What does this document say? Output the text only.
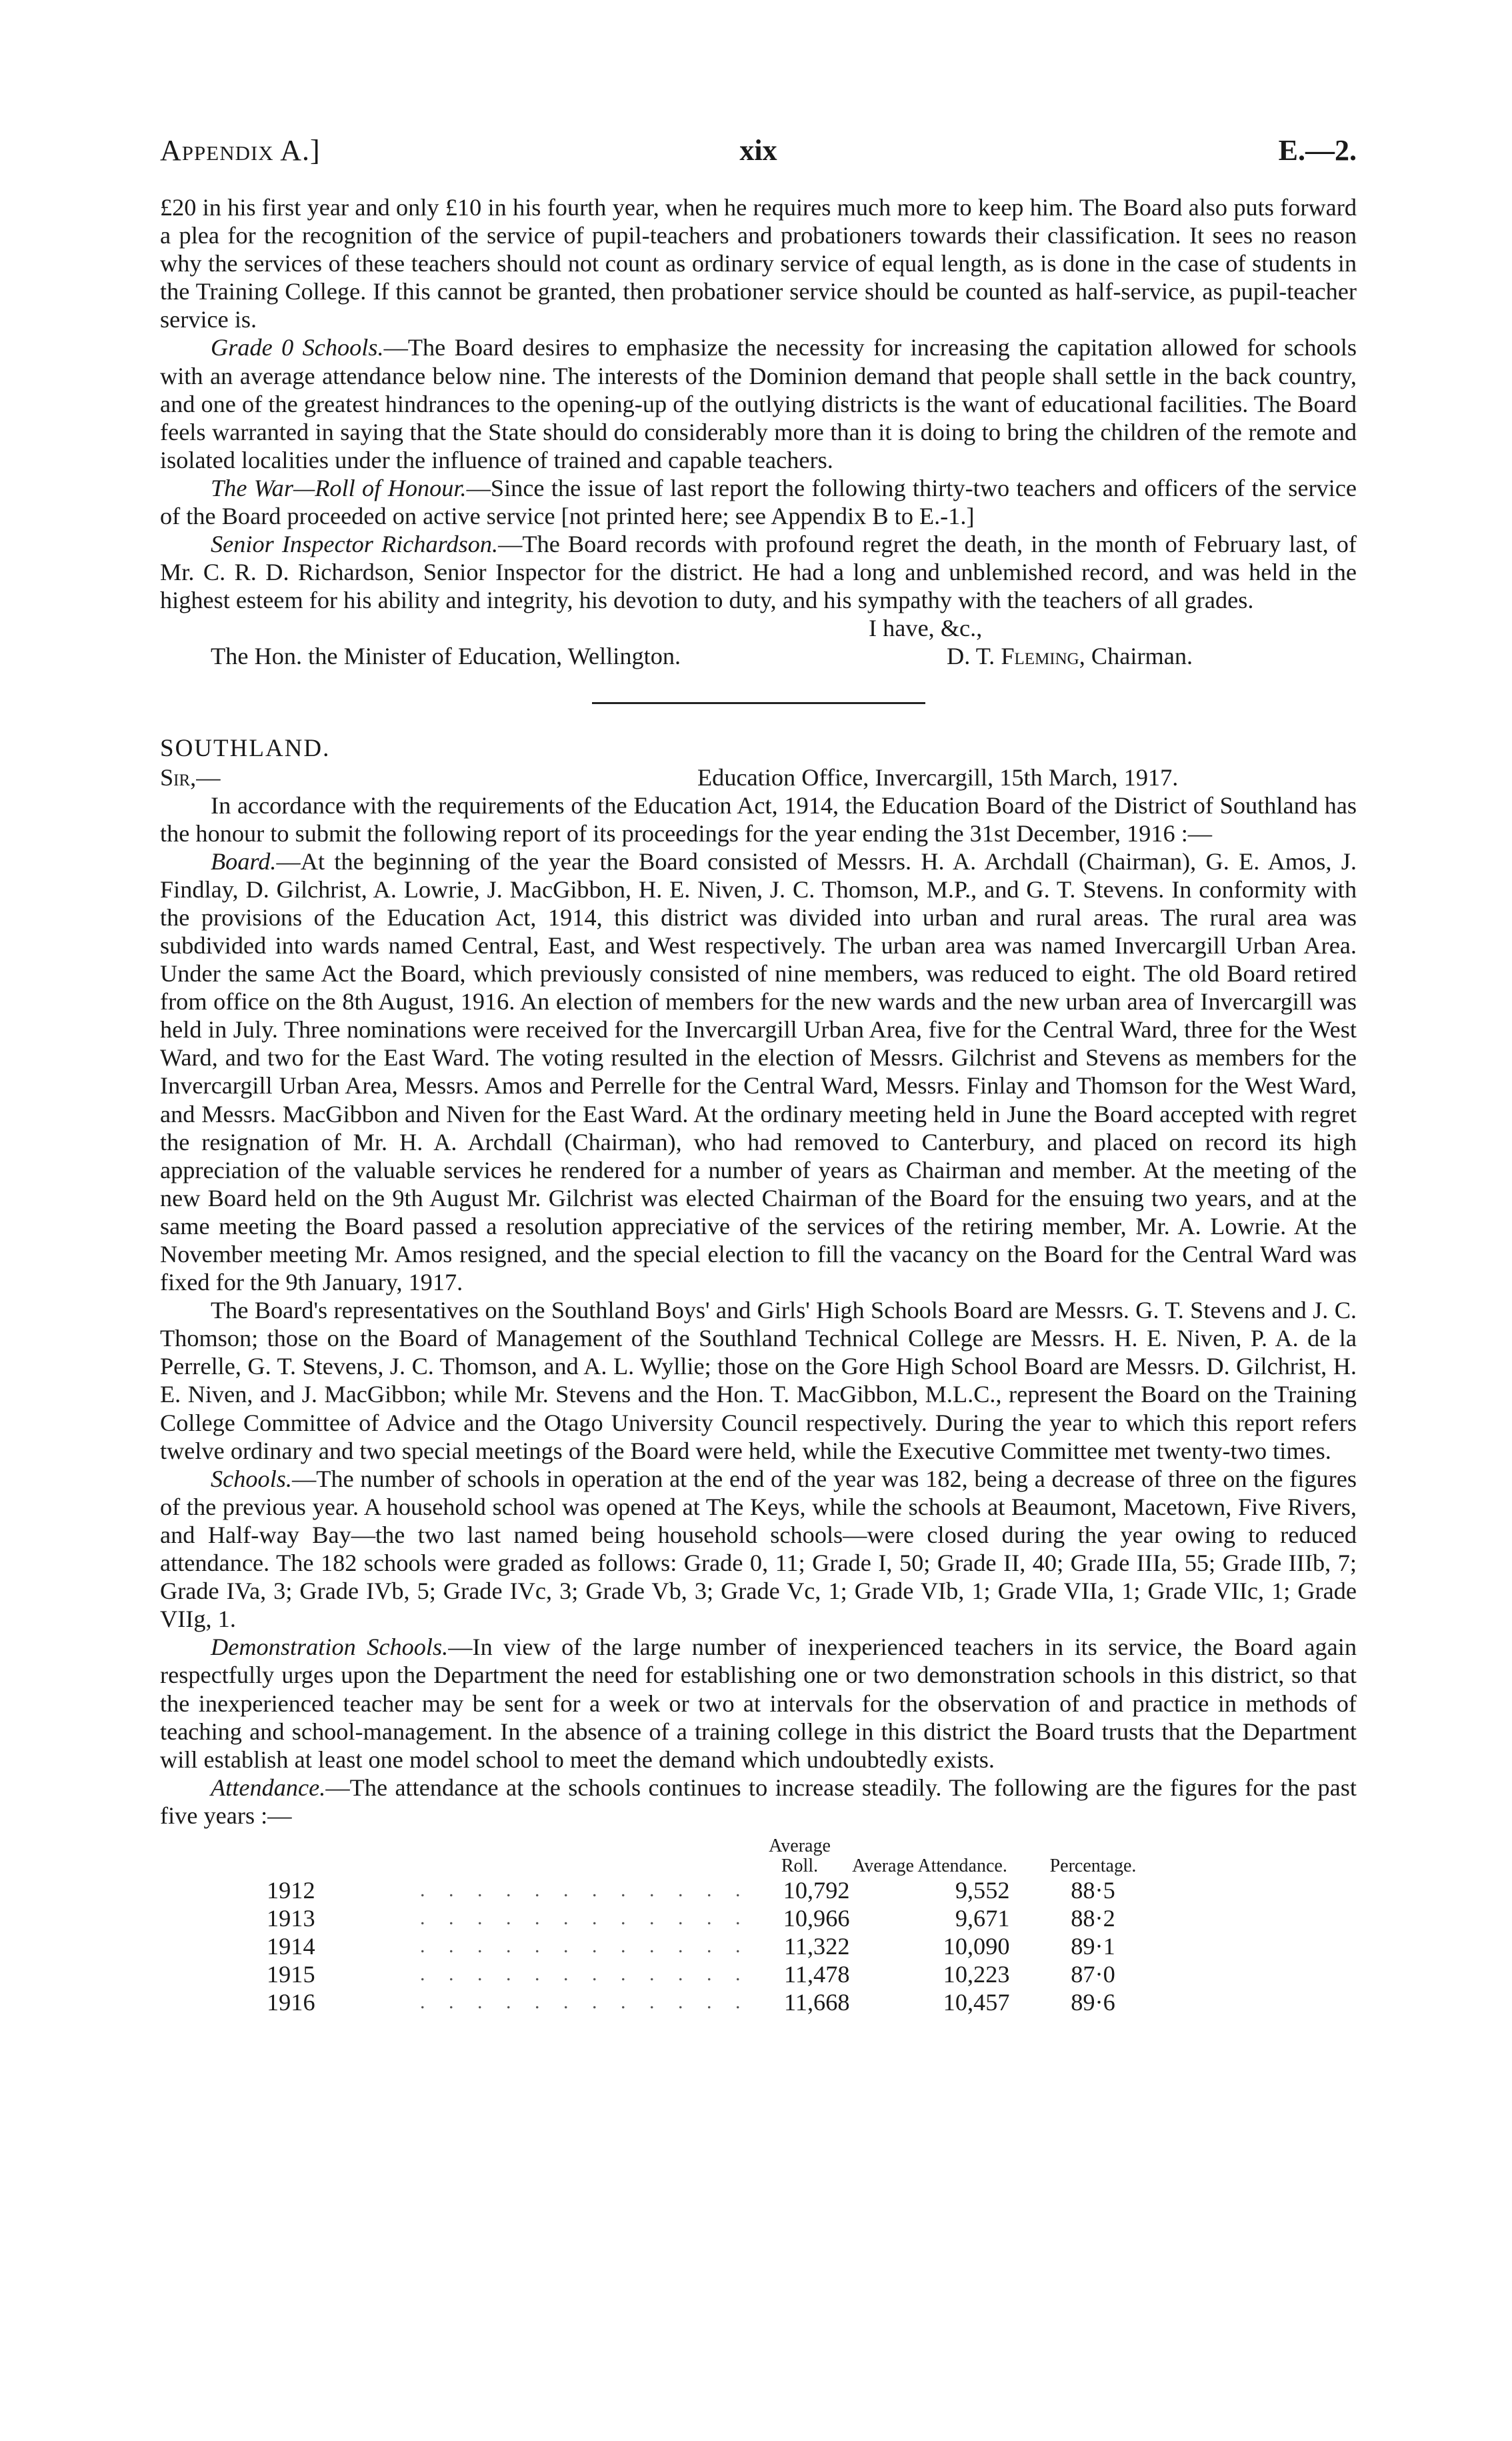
Appendix A.]	xix	E.—2.

£20 in his first year and only £10 in his fourth year, when he requires much more to keep him. The Board also puts forward a plea for the recognition of the service of pupil-teachers and probationers towards their classification. It sees no reason why the services of these teachers should not count as ordinary service of equal length, as is done in the case of students in the Training College. If this cannot be granted, then probationer service should be counted as half-service, as pupil-teacher service is.

Grade 0 Schools.—The Board desires to emphasize the necessity for increasing the capitation allowed for schools with an average attendance below nine. The interests of the Dominion demand that people shall settle in the back country, and one of the greatest hindrances to the opening-up of the outlying districts is the want of educational facilities. The Board feels warranted in saying that the State should do considerably more than it is doing to bring the children of the remote and isolated localities under the influence of trained and capable teachers.

The War—Roll of Honour.—Since the issue of last report the following thirty-two teachers and officers of the service of the Board proceeded on active service [not printed here; see Appendix B to E.-1.]

Senior Inspector Richardson.—The Board records with profound regret the death, in the month of February last, of Mr. C. R. D. Richardson, Senior Inspector for the district. He had a long and unblemished record, and was held in the highest esteem for his ability and integrity, his devotion to duty, and his sympathy with the teachers of all grades.

I have, &c.,
The Hon. the Minister of Education, Wellington.	D. T. Fleming, Chairman.

SOUTHLAND.

Sir,—	Education Office, Invercargill, 15th March, 1917.

In accordance with the requirements of the Education Act, 1914, the Education Board of the District of Southland has the honour to submit the following report of its proceedings for the year ending the 31st December, 1916 :—

Board.—At the beginning of the year the Board consisted of Messrs. H. A. Archdall (Chairman), G. E. Amos, J. Findlay, D. Gilchrist, A. Lowrie, J. MacGibbon, H. E. Niven, J. C. Thomson, M.P., and G. T. Stevens. In conformity with the provisions of the Education Act, 1914, this district was divided into urban and rural areas. The rural area was subdivided into wards named Central, East, and West respectively. The urban area was named Invercargill Urban Area. Under the same Act the Board, which previously consisted of nine members, was reduced to eight. The old Board retired from office on the 8th August, 1916. An election of members for the new wards and the new urban area of Invercargill was held in July. Three nominations were received for the Invercargill Urban Area, five for the Central Ward, three for the West Ward, and two for the East Ward. The voting resulted in the election of Messrs. Gilchrist and Stevens as members for the Invercargill Urban Area, Messrs. Amos and Perrelle for the Central Ward, Messrs. Finlay and Thomson for the West Ward, and Messrs. MacGibbon and Niven for the East Ward. At the ordinary meeting held in June the Board accepted with regret the resignation of Mr. H. A. Archdall (Chairman), who had removed to Canterbury, and placed on record its high appreciation of the valuable services he rendered for a number of years as Chairman and member. At the meeting of the new Board held on the 9th August Mr. Gilchrist was elected Chairman of the Board for the ensuing two years, and at the same meeting the Board passed a resolution appreciative of the services of the retiring member, Mr. A. Lowrie. At the November meeting Mr. Amos resigned, and the special election to fill the vacancy on the Board for the Central Ward was fixed for the 9th January, 1917.

The Board's representatives on the Southland Boys' and Girls' High Schools Board are Messrs. G. T. Stevens and J. C. Thomson; those on the Board of Management of the Southland Technical College are Messrs. H. E. Niven, P. A. de la Perrelle, G. T. Stevens, J. C. Thomson, and A. L. Wyllie; those on the Gore High School Board are Messrs. D. Gilchrist, H. E. Niven, and J. MacGibbon; while Mr. Stevens and the Hon. T. MacGibbon, M.L.C., represent the Board on the Training College Committee of Advice and the Otago University Council respectively. During the year to which this report refers twelve ordinary and two special meetings of the Board were held, while the Executive Committee met twenty-two times.

Schools.—The number of schools in operation at the end of the year was 182, being a decrease of three on the figures of the previous year. A household school was opened at The Keys, while the schools at Beaumont, Macetown, Five Rivers, and Half-way Bay—the two last named being household schools—were closed during the year owing to reduced attendance. The 182 schools were graded as follows: Grade 0, 11; Grade I, 50; Grade II, 40; Grade IIIa, 55; Grade IIIb, 7; Grade IVa, 3; Grade IVb, 5; Grade IVc, 3; Grade Vb, 3; Grade Vc, 1; Grade VIb, 1; Grade VIIa, 1; Grade VIIc, 1; Grade VIIg, 1.

Demonstration Schools.—In view of the large number of inexperienced teachers in its service, the Board again respectfully urges upon the Department the need for establishing one or two demonstration schools in this district, so that the inexperienced teacher may be sent for a week or two at intervals for the observation of and practice in methods of teaching and school-management. In the absence of a training college in this district the Board trusts that the Department will establish at least one model school to meet the demand which undoubtedly exists.

Attendance.—The attendance at the schools continues to increase steadily. The following are the figures for the past five years :—

		Average Roll.	Average Attendance.	Percentage.
1912	. . . . . . . . . . . .	10,792	9,552	88·5
1913	. . . . . . . . . . . .	10,966	9,671	88·2
1914	. . . . . . . . . . . .	11,322	10,090	89·1
1915	. . . . . . . . . . . .	11,478	10,223	87·0
1916	. . . . . . . . . . . .	11,668	10,457	89·6
